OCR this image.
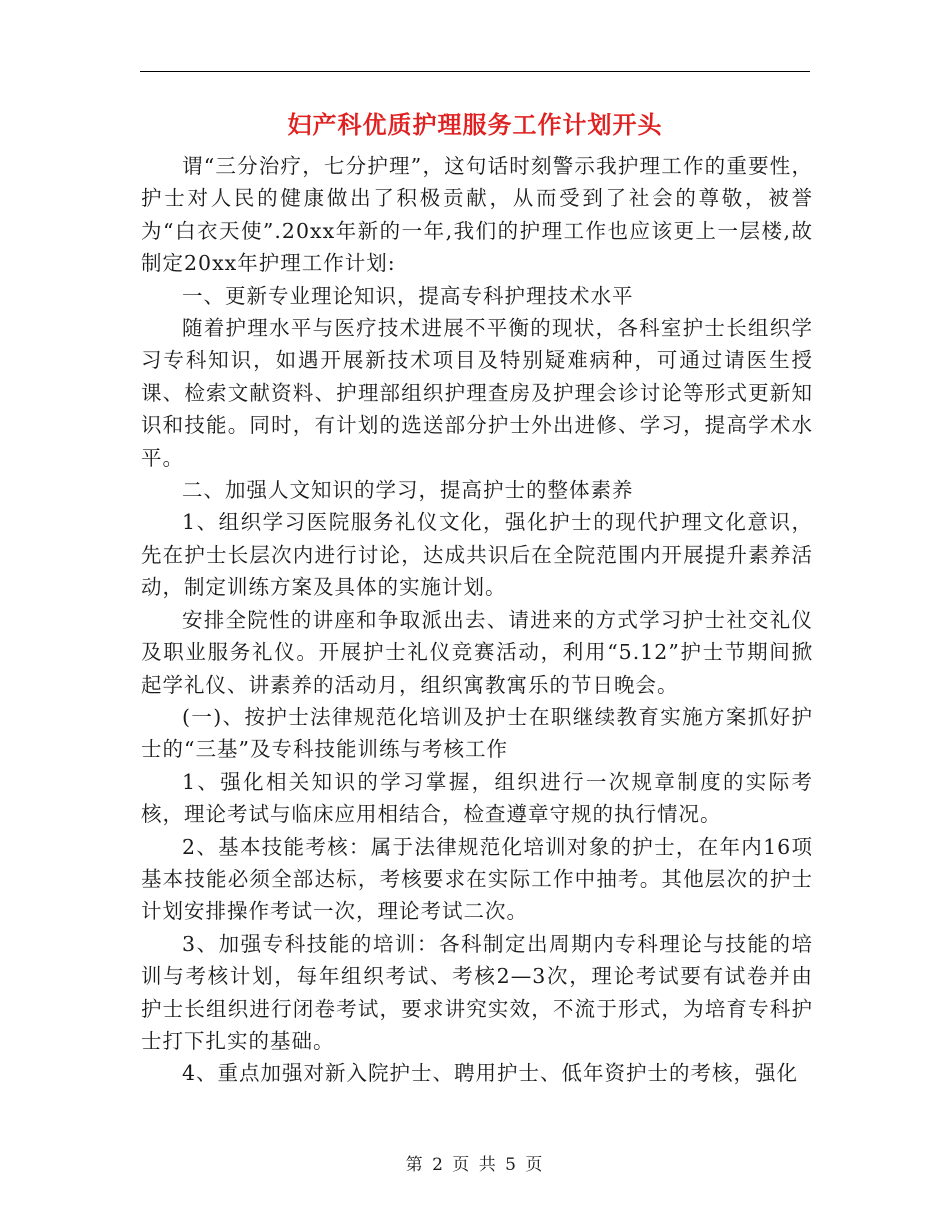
妇产科优质护理服务工作计划开头

谓“三分治疗，七分护理”，这句话时刻警示我护理工作的重要性，护士对人民的健康做出了积极贡献，从而受到了社会的尊敬，被誉为“白衣天使”.20xx年新的一年,我们的护理工作也应该更上一层楼,故制定20xx年护理工作计划:

一、更新专业理论知识，提高专科护理技术水平

随着护理水平与医疗技术进展不平衡的现状，各科室护士长组织学习专科知识，如遇开展新技术项目及特别疑难病种，可通过请医生授课、检索文献资料、护理部组织护理查房及护理会诊讨论等形式更新知识和技能。同时，有计划的选送部分护士外出进修、学习，提高学术水平。

二、加强人文知识的学习，提高护士的整体素养

1、组织学习医院服务礼仪文化，强化护士的现代护理文化意识，先在护士长层次内进行讨论，达成共识后在全院范围内开展提升素养活动，制定训练方案及具体的实施计划。

安排全院性的讲座和争取派出去、请进来的方式学习护士社交礼仪及职业服务礼仪。开展护士礼仪竞赛活动，利用“5.12”护士节期间掀起学礼仪、讲素养的活动月，组织寓教寓乐的节日晚会。

(一)、按护士法律规范化培训及护士在职继续教育实施方案抓好护士的“三基”及专科技能训练与考核工作

1、强化相关知识的学习掌握，组织进行一次规章制度的实际考核，理论考试与临床应用相结合，检查遵章守规的执行情况。

2、基本技能考核：属于法律规范化培训对象的护士，在年内16项基本技能必须全部达标，考核要求在实际工作中抽考。其他层次的护士计划安排操作考试一次，理论考试二次。

3、加强专科技能的培训：各科制定出周期内专科理论与技能的培训与考核计划，每年组织考试、考核2—3次，理论考试要有试卷并由护士长组织进行闭卷考试，要求讲究实效，不流于形式，为培育专科护士打下扎实的基础。

4、重点加强对新入院护士、聘用护士、低年资护士的考核，强化

第 2 页 共 5 页
